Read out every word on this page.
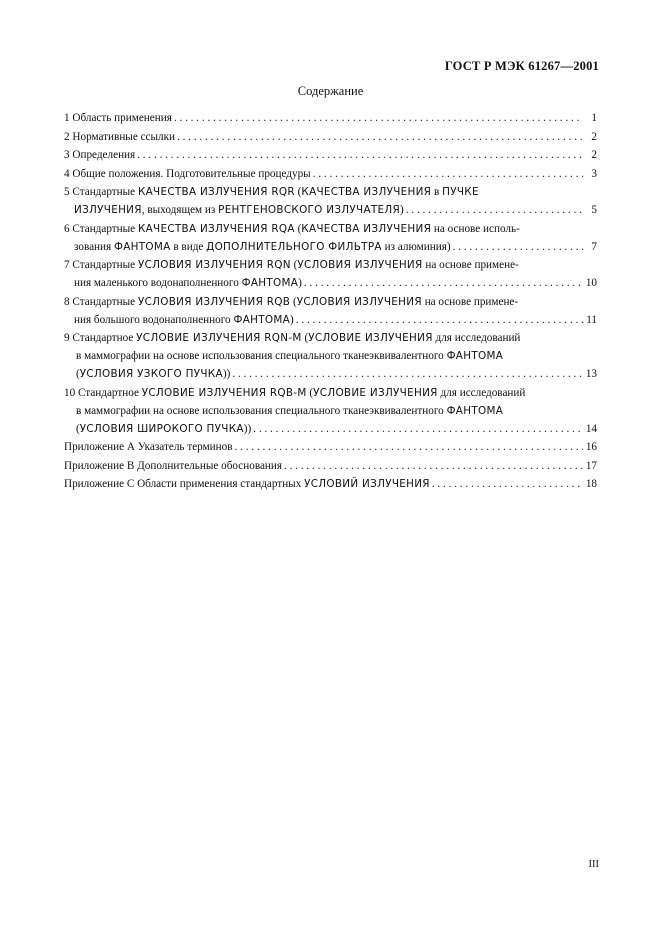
ГОСТ Р МЭК 61267—2001
Содержание
1 Область применения . . .	1
2 Нормативные ссылки . . .	2
3 Определения . . .	2
4 Общие положения. Подготовительные процедуры . . .	3
5 Стандартные КАЧЕСТВА ИЗЛУЧЕНИЯ RQR (КАЧЕСТВА ИЗЛУЧЕНИЯ в ПУЧКЕ
ИЗЛУЧЕНИЯ, выходящем из РЕНТГЕНОВСКОГО ИЗЛУЧАТЕЛЯ) . . .	5
6 Стандартные КАЧЕСТВА ИЗЛУЧЕНИЯ RQA (КАЧЕСТВА ИЗЛУЧЕНИЯ на основе исполь-
зования ФАНТОМА в виде ДОПОЛНИТЕЛЬНОГО ФИЛЬТРА из алюминия) . . .	7
7 Стандартные УСЛОВИЯ ИЗЛУЧЕНИЯ RQN (УСЛОВИЯ ИЗЛУЧЕНИЯ на основе примене-
ния маленького водонаполненного ФАНТОМА) . . .	10
8 Стандартные УСЛОВИЯ ИЗЛУЧЕНИЯ RQB (УСЛОВИЯ ИЗЛУЧЕНИЯ на основе примене-
ния большого водонаполненного ФАНТОМА) . . .	11
9 Стандартное УСЛОВИЕ ИЗЛУЧЕНИЯ RQN-M (УСЛОВИЕ ИЗЛУЧЕНИЯ для исследований
в маммографии на основе использования специального тканеэквивалентного ФАНТОМА
(УСЛОВИЯ УЗКОГО ПУЧКА)) . . .	13
10 Стандартное УСЛОВИЕ ИЗЛУЧЕНИЯ RQB-M (УСЛОВИЕ ИЗЛУЧЕНИЯ для исследований
в маммографии на основе использования специального тканеэквивалентного ФАНТОМА
(УСЛОВИЯ ШИРОКОГО ПУЧКА)) . . .	14
Приложение А Указатель терминов . . .	16
Приложение В Дополнительные обоснования . . .	17
Приложение С Области применения стандартных УСЛОВИЙ ИЗЛУЧЕНИЯ . . .	18
III
